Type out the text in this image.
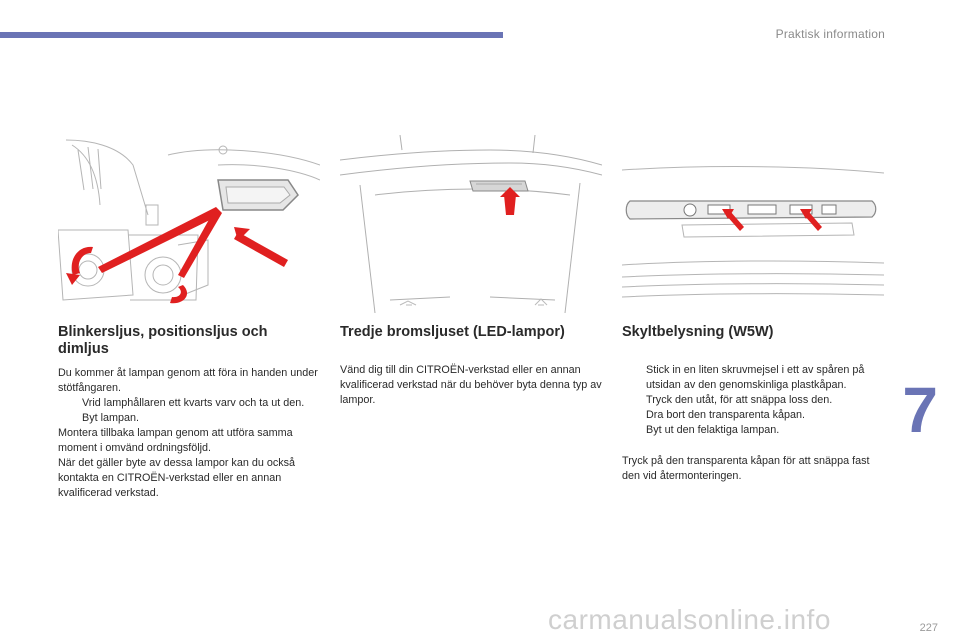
Praktisk information
Blinkersljus, positionsljus och dimljus

Du kommer åt lampan genom att föra in handen under stötfångaren.

Vrid lamphållaren ett kvarts varv och ta ut den.
Byt lampan.

Montera tillbaka lampan genom att utföra samma moment i omvänd ordningsföljd.

När det gäller byte av dessa lampor kan du också kontakta en CITROËN-verkstad eller en annan kvalificerad verkstad.

Tredje bromsljuset (LED-lampor)

Vänd dig till din CITROËN-verkstad eller en annan kvalificerad verkstad när du behöver byta denna typ av lampor.

Skyltbelysning (W5W)
Stick in en liten skruvmejsel i ett av spåren på utsidan av den genomskinliga plastkåpan.
Tryck den utåt, för att snäppa loss den.
Dra bort den transparenta kåpan.
Byt ut den felaktiga lampan.

Tryck på den transparenta kåpan för att snäppa fast den vid återmonteringen.

7
227
carmanualsonline.info
